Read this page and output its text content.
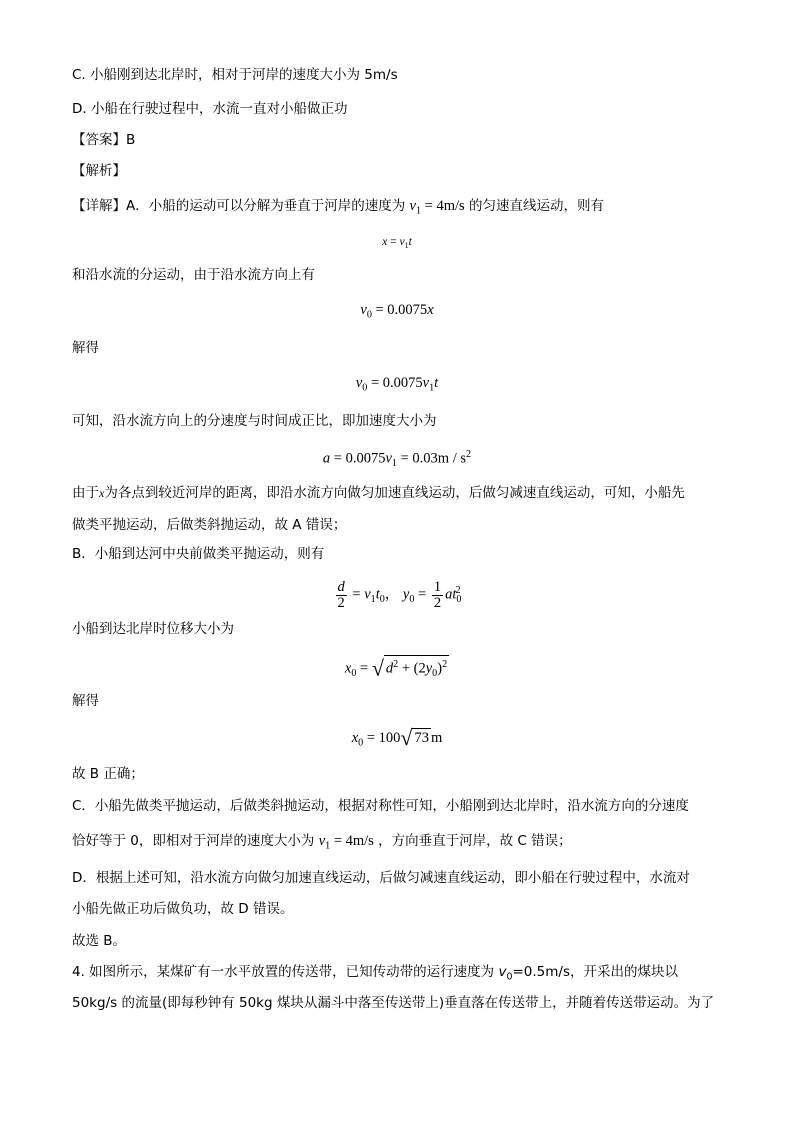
C. 小船刚到达北岸时，相对于河岸的速度大小为 5m/s
D. 小船在行驶过程中，水流一直对小船做正功
【答案】B
【解析】
【详解】A．小船的运动可以分解为垂直于河岸的速度为 $v_1 = 4m/s$ 的匀速直线运动，则有
$x = v_1t$
和沿水流的分运动，由于沿水流方向上有
$v_0 = 0.0075x$
解得
$v_0 = 0.0075v_1t$
可知，沿水流方向上的分速度与时间成正比，即加速度大小为
$a = 0.0075v_1 = 0.03m / s^2$
由于x为各点到较近河岸的距离，即沿水流方向做匀加速直线运动，后做匀减速直线运动，可知，小船先
做类平抛运动，后做类斜抛运动，故 A 错误；
B．小船到达河中央前做类平抛运动，则有
$\frac{d}{2} = v_1t_0$， $y_0 = \frac{1}{2} at_0^2$
小船到达北岸时位移大小为
$x_0$ = √ $d^2 + (2y_0)^2$
解得
$x_0 = 100√$ 73 m
故 B 正确；
C．小船先做类平抛运动，后做类斜抛运动，根据对称性可知，小船刚到达北岸时，沿水流方向的分速度
恰好等于 0，即相对于河岸的速度大小为 $v_1 = 4m/s$ ，方向垂直于河岸，故 C 错误；
D．根据上述可知，沿水流方向做匀加速直线运动，后做匀减速直线运动，即小船在行驶过程中，水流对
小船先做正功后做负功，故 D 错误。
故选 B。
4. 如图所示，某煤矿有一水平放置的传送带，已知传动带的运行速度为 $v_0=0.5m/s$，开采出的煤块以
50kg/s 的流量(即每秒钟有 50kg 煤块从漏斗中落至传送带上)垂直落在传送带上，并随着传送带运动。为了
